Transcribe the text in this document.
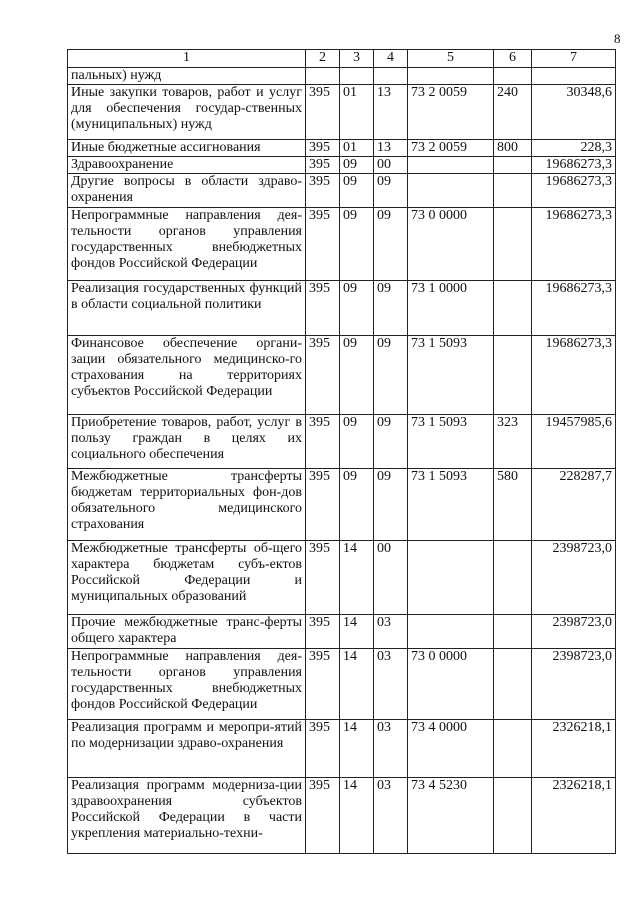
8
1	2	3	4	5	6	7
пальных) нужд						
Иные закупки товаров, работ и услуг для обеспечения государ-ственных (муниципальных) нужд	395	01	13	73 2 0059	240	30348,6
Иные бюджетные ассигнования	395	01	13	73 2 0059	800	228,3
Здравоохранение	395	09	00			19686273,3
Другие вопросы в области здраво-охранения	395	09	09			19686273,3
Непрограммные направления дея-тельности органов управления государственных внебюджетных фондов Российской Федерации	395	09	09	73 0 0000		19686273,3
Реализация государственных функций в области социальной политики	395	09	09	73 1 0000		19686273,3
Финансовое обеспечение органи-зации обязательного медицинско-го страхования на территориях субъектов Российской Федерации	395	09	09	73 1 5093		19686273,3
Приобретение товаров, работ, услуг в пользу граждан в целях их социального обеспечения	395	09	09	73 1 5093	323	19457985,6
Межбюджетные трансферты бюджетам территориальных фон-дов обязательного медицинского страхования	395	09	09	73 1 5093	580	228287,7
Межбюджетные трансферты об-щего характера бюджетам субъ-ектов Российской Федерации и муниципальных образований	395	14	00			2398723,0
Прочие межбюджетные транс-ферты общего характера	395	14	03			2398723,0
Непрограммные направления дея-тельности органов управления государственных внебюджетных фондов Российской Федерации	395	14	03	73 0 0000		2398723,0
Реализация программ и меропри-ятий по модернизации здраво-охранения	395	14	03	73 4 0000		2326218,1
Реализация программ модерниза-ции здравоохранения субъектов Российской Федерации в части укрепления материально-техни-	395	14	03	73 4 5230		2326218,1
